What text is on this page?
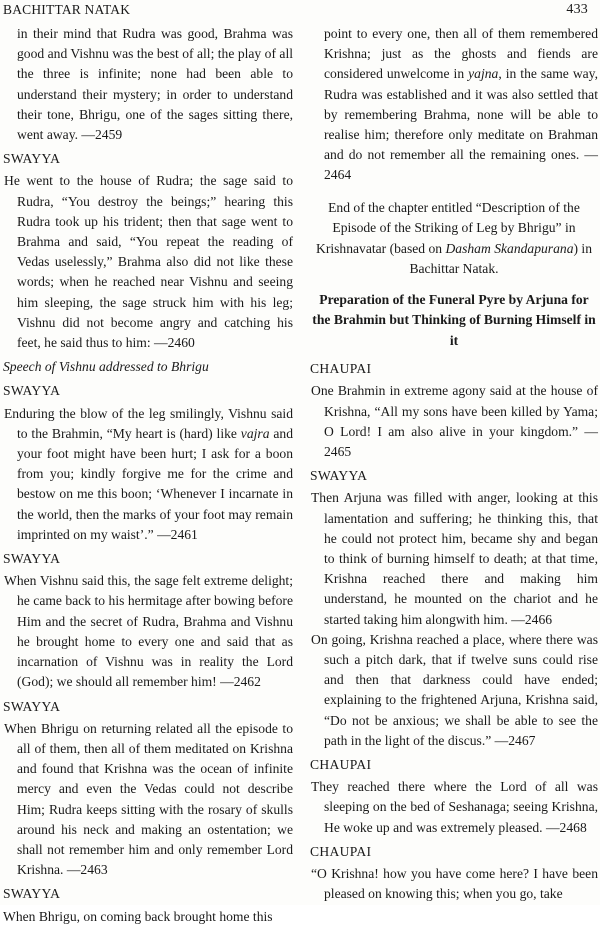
BACHITTAR NATAK	433

in their mind that Rudra was good, Brahma was good and Vishnu was the best of all; the play of all the three is infinite; none had been able to understand their mystery; in order to understand their tone, Bhrigu, one of the sages sitting there, went away. —2459

SWAYYA

He went to the house of Rudra; the sage said to Rudra, “You destroy the beings;” hearing this Rudra took up his trident; then that sage went to Brahma and said, “You repeat the reading of Vedas uselessly,” Brahma also did not like these words; when he reached near Vishnu and seeing him sleeping, the sage struck him with his leg; Vishnu did not become angry and catching his feet, he said thus to him: —2460

Speech of Vishnu addressed to Bhrigu

SWAYYA

Enduring the blow of the leg smilingly, Vishnu said to the Brahmin, “My heart is (hard) like vajra and your foot might have been hurt; I ask for a boon from you; kindly forgive me for the crime and bestow on me this boon; ‘Whenever I incarnate in the world, then the marks of your foot may remain imprinted on my waist’.” —2461

SWAYYA

When Vishnu said this, the sage felt extreme delight; he came back to his hermitage after bowing before Him and the secret of Rudra, Brahma and Vishnu he brought home to every one and said that as incarnation of Vishnu was in reality the Lord (God); we should all remember him! —2462

SWAYYA

When Bhrigu on returning related all the episode to all of them, then all of them meditated on Krishna and found that Krishna was the ocean of infinite mercy and even the Vedas could not describe Him; Rudra keeps sitting with the rosary of skulls around his neck and making an ostentation; we shall not remember him and only remember Lord Krishna. —2463

SWAYYA

When Bhrigu, on coming back brought home this

point to every one, then all of them remembered Krishna; just as the ghosts and fiends are considered unwelcome in yajna, in the same way, Rudra was established and it was also settled that by remembering Brahma, none will be able to realise him; therefore only meditate on Brahman and do not remember all the remaining ones. —2464

End of the chapter entitled “Description of the Episode of the Striking of Leg by Bhrigu” in Krishnavatar (based on Dasham Skandapurana) in Bachittar Natak.

Preparation of the Funeral Pyre by Arjuna for the Brahmin but Thinking of Burning Himself in it

CHAUPAI

One Brahmin in extreme agony said at the house of Krishna, “All my sons have been killed by Yama; O Lord! I am also alive in your kingdom.” —2465

SWAYYA

Then Arjuna was filled with anger, looking at this lamentation and suffering; he thinking this, that he could not protect him, became shy and began to think of burning himself to death; at that time, Krishna reached there and making him understand, he mounted on the chariot and he started taking him alongwith him. —2466

On going, Krishna reached a place, where there was such a pitch dark, that if twelve suns could rise and then that darkness could have ended; explaining to the frightened Arjuna, Krishna said, “Do not be anxious; we shall be able to see the path in the light of the discus.” —2467

CHAUPAI

They reached there where the Lord of all was sleeping on the bed of Seshanaga; seeing Krishna, He woke up and was extremely pleased. —2468

CHAUPAI

“O Krishna! how you have come here? I have been pleased on knowing this; when you go, take
